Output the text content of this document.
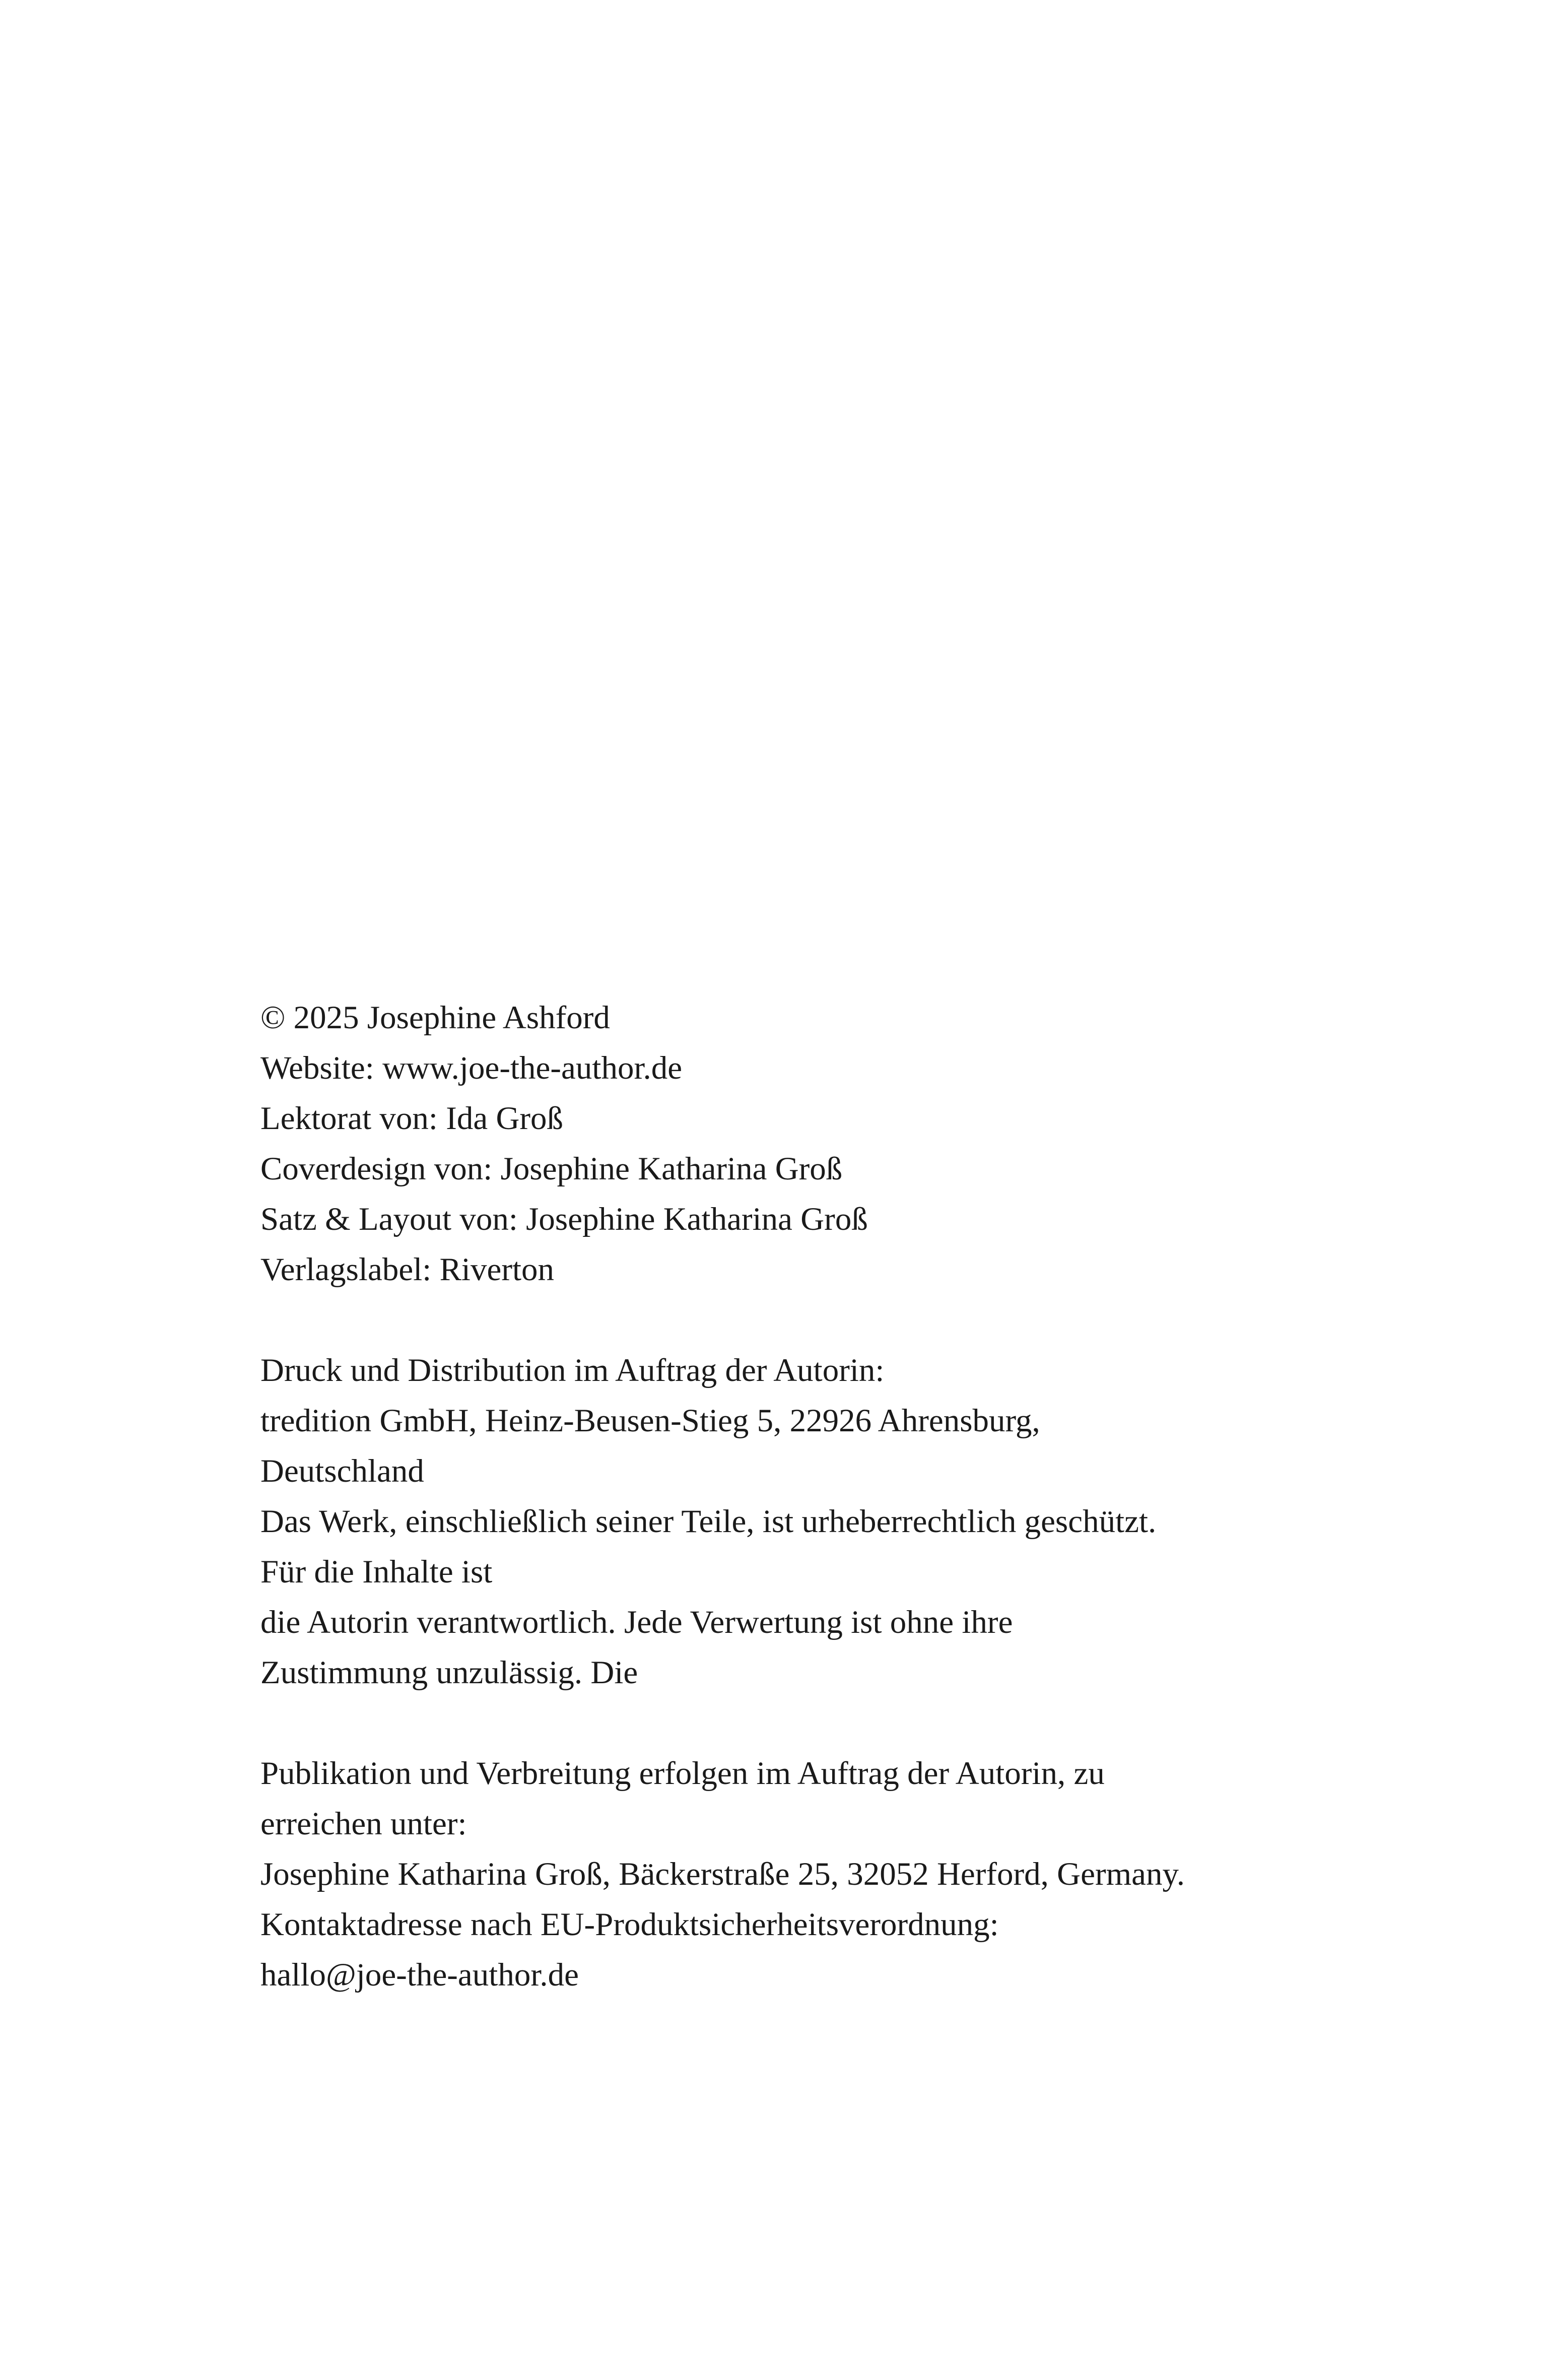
© 2025 Josephine Ashford
Website: www.joe-the-author.de
Lektorat von: Ida Groß
Coverdesign von: Josephine Katharina Groß
Satz & Layout von: Josephine Katharina Groß
Verlagslabel: Riverton
Druck und Distribution im Auftrag der Autorin:
tredition GmbH, Heinz-Beusen-Stieg 5, 22926 Ahrensburg,
Deutschland
Das Werk, einschließlich seiner Teile, ist urheberrechtlich geschützt.
Für die Inhalte ist
die Autorin verantwortlich. Jede Verwertung ist ohne ihre
Zustimmung unzulässig. Die
Publikation und Verbreitung erfolgen im Auftrag der Autorin, zu
erreichen unter:
Josephine Katharina Groß, Bäckerstraße 25, 32052 Herford, Germany.
Kontaktadresse nach EU-Produktsicherheitsverordnung:
hallo@joe-the-author.de
